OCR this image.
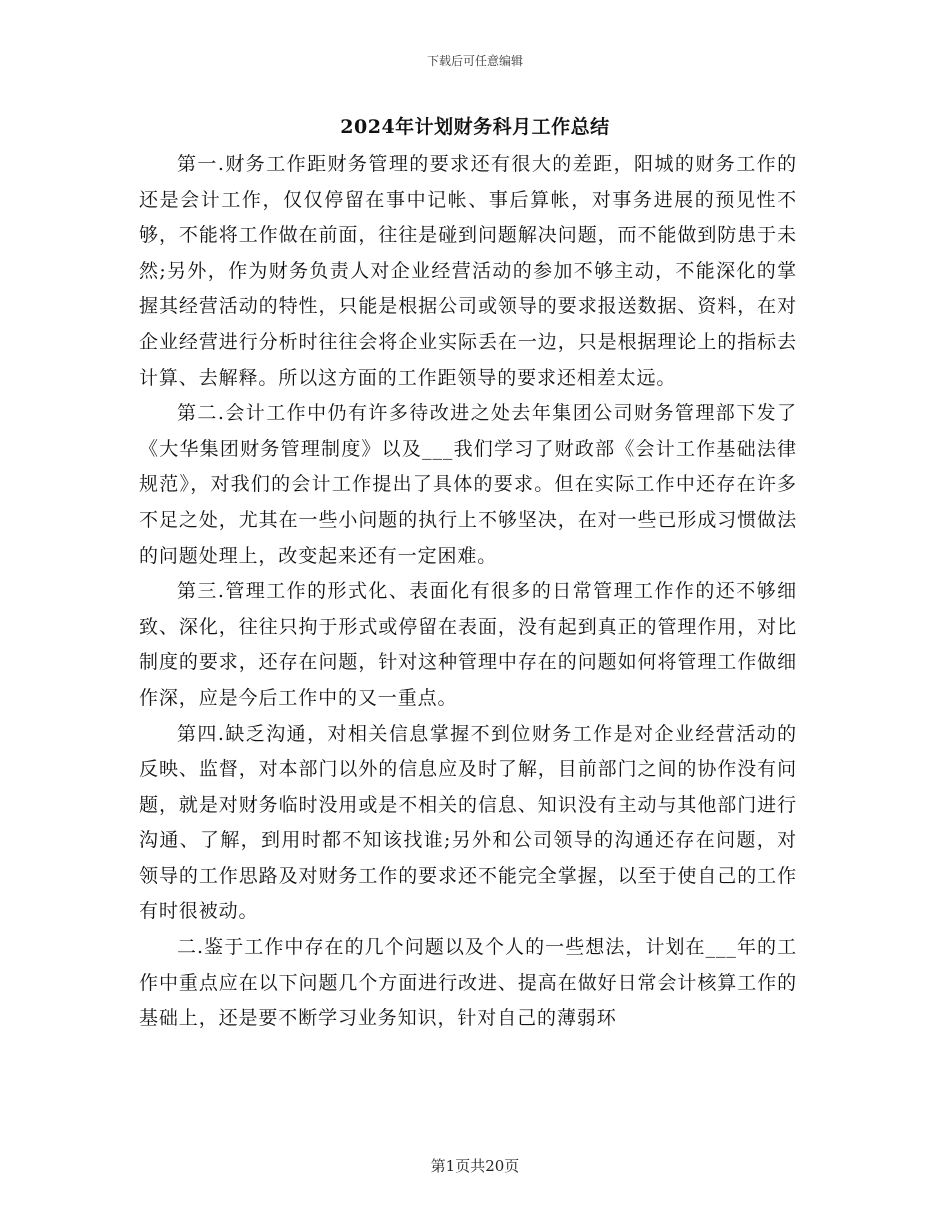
下载后可任意编辑
2024年计划财务科月工作总结

第一.财务工作距财务管理的要求还有很大的差距，阳城的财务工作的还是会计工作，仅仅停留在事中记帐、事后算帐，对事务进展的预见性不够，不能将工作做在前面，往往是碰到问题解决问题，而不能做到防患于未然;另外，作为财务负责人对企业经营活动的参加不够主动，不能深化的掌握其经营活动的特性，只能是根据公司或领导的要求报送数据、资料，在对企业经营进行分析时往往会将企业实际丢在一边，只是根据理论上的指标去计算、去解释。所以这方面的工作距领导的要求还相差太远。

第二.会计工作中仍有许多待改进之处去年集团公司财务管理部下发了《大华集团财务管理制度》以及___我们学习了财政部《会计工作基础法律规范》，对我们的会计工作提出了具体的要求。但在实际工作中还存在许多不足之处，尤其在一些小问题的执行上不够坚决，在对一些已形成习惯做法的问题处理上，改变起来还有一定困难。

第三.管理工作的形式化、表面化有很多的日常管理工作作的还不够细致、深化，往往只拘于形式或停留在表面，没有起到真正的管理作用，对比制度的要求，还存在问题，针对这种管理中存在的问题如何将管理工作做细作深，应是今后工作中的又一重点。

第四.缺乏沟通，对相关信息掌握不到位财务工作是对企业经营活动的反映、监督，对本部门以外的信息应及时了解，目前部门之间的协作没有问题，就是对财务临时没用或是不相关的信息、知识没有主动与其他部门进行沟通、了解，到用时都不知该找谁;另外和公司领导的沟通还存在问题，对领导的工作思路及对财务工作的要求还不能完全掌握，以至于使自己的工作有时很被动。

二.鉴于工作中存在的几个问题以及个人的一些想法，计划在___年的工作中重点应在以下问题几个方面进行改进、提高在做好日常会计核算工作的基础上，还是要不断学习业务知识，针对自己的薄弱环

第1页共20页
